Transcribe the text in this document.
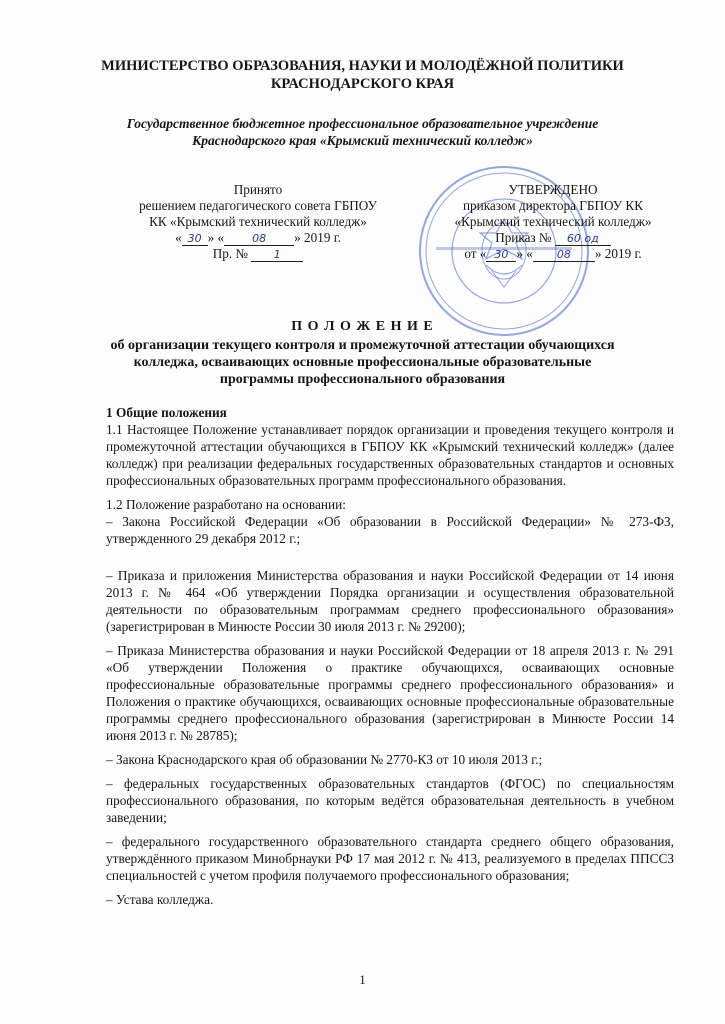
МИНИСТЕРСТВО ОБРАЗОВАНИЯ, НАУКИ И МОЛОДЁЖНОЙ ПОЛИТИКИ
КРАСНОДАРСКОГО КРАЯ
Государственное бюджетное профессиональное образовательное учреждение
Краснодарского края «Крымский технический колледж»
Принято
решением педагогического совета ГБПОУ
КК «Крымский технический колледж»
« 30 » «	08 » 2019 г.
Пр. № 1
УТВЕРЖДЕНО
приказом директора ГБПОУ КК
«Крымский технический колледж»
Приказ № 60 од
от « 30 » « 08 » 2019 г.
П О Л О Ж Е Н И Е
об организации текущего контроля и промежуточной аттестации обучающихся
колледжа, осваивающих основные профессиональные образовательные
программы профессионального образования

1 Общие положения

1.1 Настоящее Положение устанавливает порядок организации и проведения текущего контроля и промежуточной аттестации обучающихся в ГБПОУ КК «Крымский технический колледж» (далее колледж) при реализации федеральных государственных образовательных стандартов и основных профессиональных образовательных программ профессионального образования.

1.2 Положение разработано на основании:

– Закона Российской Федерации «Об образовании в Российской Федерации» № 273-ФЗ, утвержденного 29 декабря 2012 г.;

– Приказа и приложения Министерства образования и науки Российской Федерации от 14 июня 2013 г. № 464 «Об утверждении Порядка организации и осуществления образовательной деятельности по образовательным программам среднего профессионального образования» (зарегистрирован в Минюсте России 30 июля 2013 г. № 29200);

– Приказа Министерства образования и науки Российской Федерации от 18 апреля 2013 г. № 291 «Об утверждении Положения о практике обучающихся, осваивающих основные профессиональные образовательные программы среднего профессионального образования» и Положения о практике обучающихся, осваивающих основные профессиональные образовательные программы среднего профессионального образования (зарегистрирован в Минюсте России 14 июня 2013 г. № 28785);

– Закона Краснодарского края об образовании № 2770-КЗ от 10 июля 2013 г.;

– федеральных государственных образовательных стандартов (ФГОС) по специальностям профессионального образования, по которым ведётся образовательная деятельность в учебном заведении;

– федерального государственного образовательного стандарта среднего общего образования, утверждённого приказом Минобрнауки РФ 17 мая 2012 г. № 413, реализуемого в пределах ППССЗ специальностей с учетом профиля получаемого профессионального образования;

– Устава колледжа.

1
